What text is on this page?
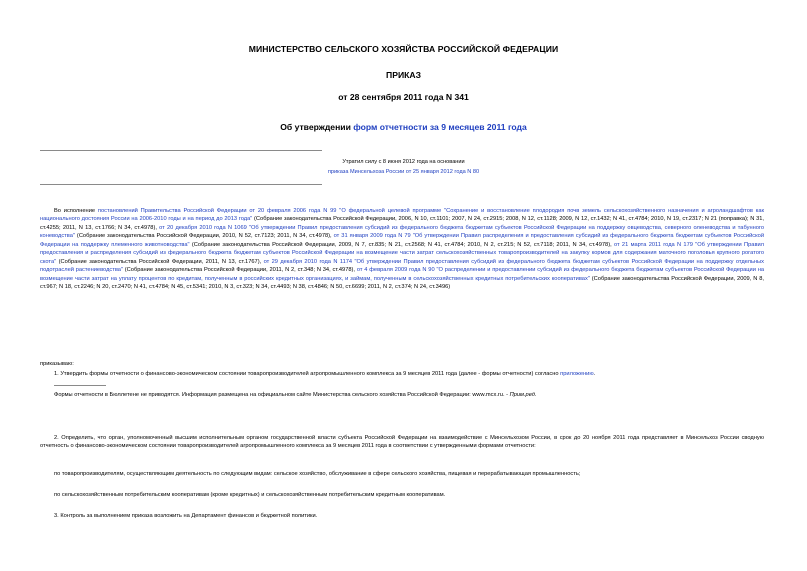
МИНИСТЕРСТВО СЕЛЬСКОГО ХОЗЯЙСТВА РОССИЙСКОЙ ФЕДЕРАЦИИ
ПРИКАЗ
от 28 сентября 2011 года N 341
Об утверждении форм отчетности за 9 месяцев 2011 года
Утратил силу с 8 июня 2012 года на основании
приказа Минсельхоза России от 25 января 2012 года N 80
Во исполнение постановлений Правительства Российской Федерации от 20 февраля 2006 года N 99 "О федеральной целевой программе "Сохранение и восстановление плодородия почв земель сельскохозяйственного назначения и агроландшафтов как национального достояния России на 2006-2010 годы и на период до 2013 года" (Собрание законодательства Российской Федерации, 2006, N 10, ст.1101; 2007, N 24, ст.2915; 2008, N 12, ст.1128; 2009, N 12, ст.1432; N 41, ст.4784; 2010, N 19, ст.2317; N 21 (поправка); N 31, ст.4255; 2011, N 13, ст.1766; N 34, ст.4978), от 20 декабря 2010 года N 1069 "Об утверждении Правил предоставления субсидий из федерального бюджета бюджетам субъектов Российской Федерации на поддержку овцеводства, северного оленеводства и табунного коневодства" (Собрание законодательства Российской Федерации, 2010, N 52, ст.7123; 2011, N 34, ст.4978), от 31 января 2009 года N 79 "Об утверждении Правил распределения и предоставления субсидий из федерального бюджета бюджетам субъектов Российской Федерации на поддержку племенного животноводства" (Собрание законодательства Российской Федерации, 2009, N 7, ст.835; N 21, ст.2568; N 41, ст.4784; 2010, N 2, ст.215; N 52, ст.7118; 2011, N 34, ст.4978), от 21 марта 2011 года N 179 "Об утверждении Правил предоставления и распределения субсидий из федерального бюджета бюджетам субъектов Российской Федерации на возмещение части затрат сельскохозяйственных товаропроизводителей на закупку кормов для содержания маточного поголовья крупного рогатого скота" (Собрание законодательства Российской Федерации, 2011, N 13, ст.1767), от 29 декабря 2010 года N 1174 "Об утверждении Правил предоставления субсидий из федерального бюджета бюджетам субъектов Российской Федерации на поддержку отдельных подотраслей растениеводства" (Собрание законодательства Российской Федерации, 2011, N 2, ст.348; N 34, ст.4978), от 4 февраля 2009 года N 90 "О распределении и предоставлении субсидий из федерального бюджета бюджетам субъектов Российской Федерации на возмещение части затрат на уплату процентов по кредитам, полученным в российских кредитных организациях, и займам, полученным в сельскохозяйственных кредитных потребительских кооперативах" (Собрание законодательства Российской Федерации, 2009, N 8, ст.967; N 18, ст.2246; N 20, ст.2470; N 41, ст.4784; N 45, ст.5341; 2010, N 3, ст.323; N 34, ст.4493; N 38, ст.4846; N 50, ст.6699; 2011, N 2, ст.374; N 24, ст.3496)
приказываю:
1. Утвердить формы отчетности о финансово-экономическом состоянии товаропроизводителей агропромышленного комплекса за 9 месяцев 2011 года (далее - формы отчетности) согласно приложению.
Формы отчетности в Бюллетене не приводятся. Информация размещена на официальном сайте Министерства сельского хозяйства Российской Федерации: www.mcx.ru. - Прим.ред.
2. Определить, что орган, уполномоченный высшим исполнительным органом государственной власти субъекта Российской Федерации на взаимодействие с Минсельхозом России, в срок до 20 ноября 2011 года представляет в Минсельхоз России сводную отчетность о финансово-экономическом состоянии товаропроизводителей агропромышленного комплекса за 9 месяцев 2011 года в соответствии с утвержденными формами отчетности:
по товаропроизводителям, осуществляющим деятельность по следующим видам: сельское хозяйство, обслуживание в сфере сельского хозяйства, пищевая и перерабатывающая промышленность;
по сельскохозяйственным потребительским кооперативам (кроме кредитных) и сельскохозяйственным потребительским кредитным кооперативам.
3. Контроль за выполнением приказа возложить на Департамент финансов и бюджетной политики.
